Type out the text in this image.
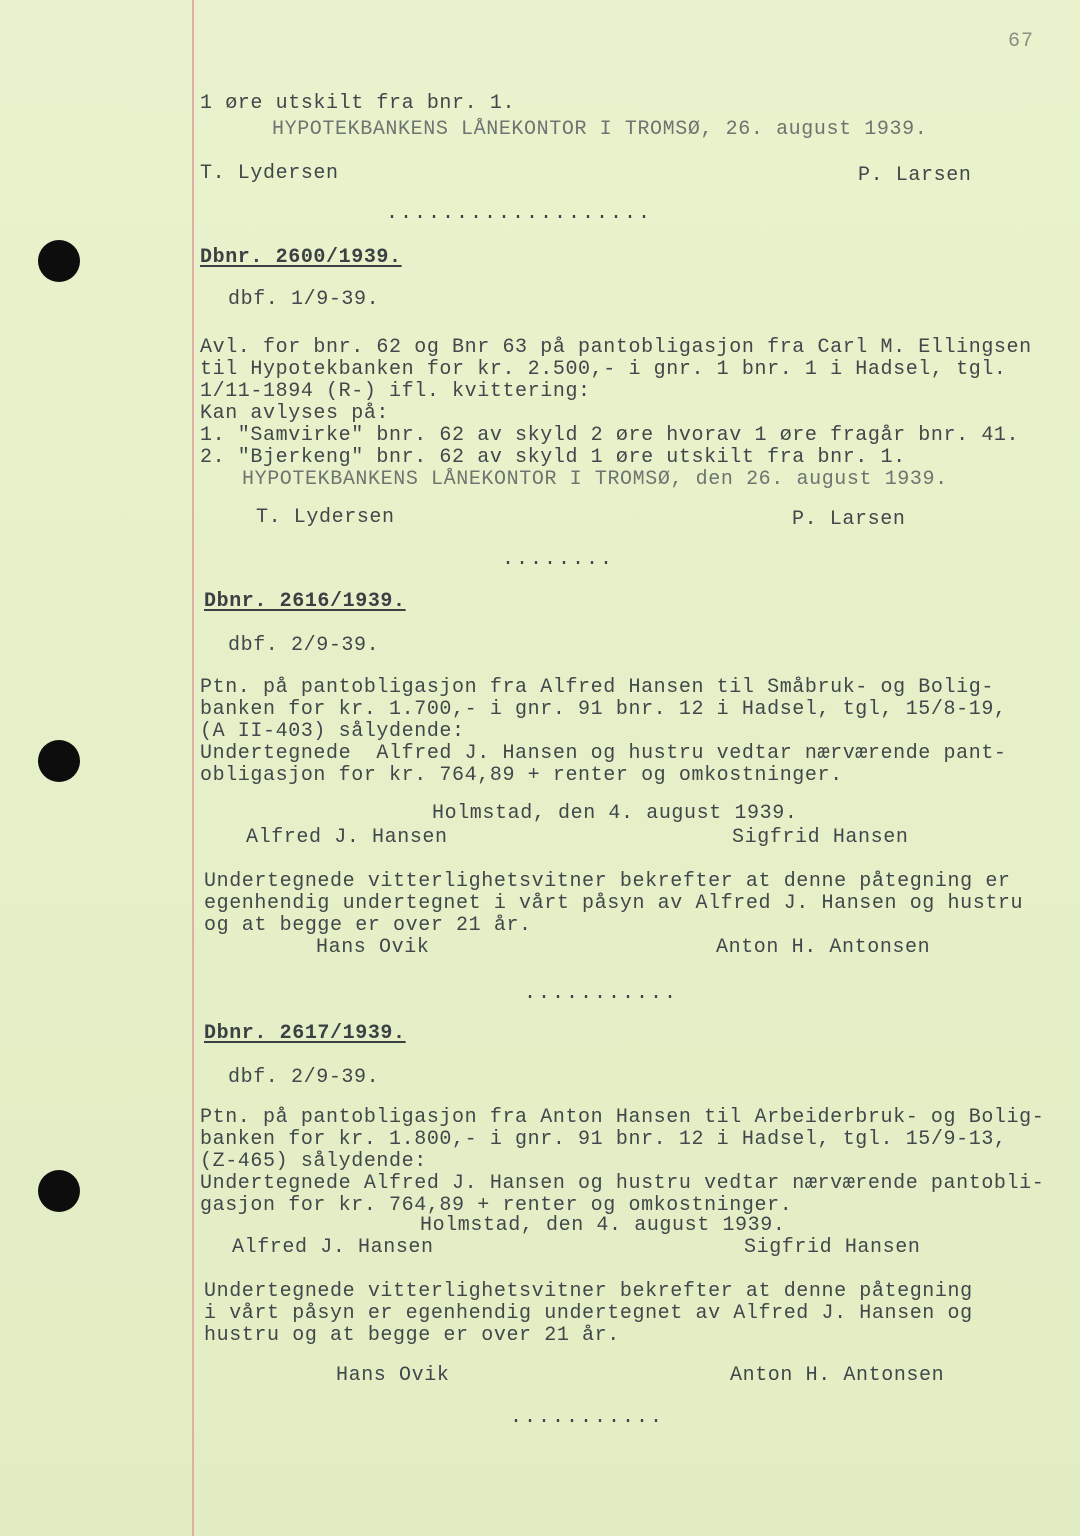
67
1 øre utskilt fra bnr. 1.
HYPOTEKBANKENS LÅNEKONTOR I TROMSØ, 26. august 1939.
T. Lydersen	P. Larsen
...................
Dbnr. 2600/1939.
dbf. 1/9-39.
Avl. for bnr. 62 og Bnr 63 på pantobligasjon fra Carl M. Ellingsen
til Hypotekbanken for kr. 2.500,- i gnr. 1 bnr. 1 i Hadsel, tgl.
1/11-1894 (R-) ifl. kvittering:
Kan avlyses på:
1. "Samvirke" bnr. 62 av skyld 2 øre hvorav 1 øre fragår bnr. 41.
2. "Bjerkeng" bnr. 62 av skyld 1 øre utskilt fra bnr. 1.
HYPOTEKBANKENS LÅNEKONTOR I TROMSØ, den 26. august 1939.
T. Lydersen	P. Larsen
........
Dbnr. 2616/1939.
dbf. 2/9-39.
Ptn. på pantobligasjon fra Alfred Hansen til Småbruk- og Bolig-
banken for kr. 1.700,- i gnr. 91 bnr. 12 i Hadsel, tgl, 15/8-19,
(A II-403) sålydende:
Undertegnede  Alfred J. Hansen og hustru vedtar nærværende pant-
obligasjon for kr. 764,89 + renter og omkostninger.
Holmstad, den 4. august 1939.
Alfred J. Hansen	Sigfrid Hansen
Undertegnede vitterlighetsvitner bekrefter at denne påtegning er
egenhendig undertegnet i vårt påsyn av Alfred J. Hansen og hustru
og at begge er over 21 år.
Hans Ovik	Anton H. Antonsen
...........
Dbnr. 2617/1939.
dbf. 2/9-39.
Ptn. på pantobligasjon fra Anton Hansen til Arbeiderbruk- og Bolig-
banken for kr. 1.800,- i gnr. 91 bnr. 12 i Hadsel, tgl. 15/9-13,
(Z-465) sålydende:
Undertegnede Alfred J. Hansen og hustru vedtar nærværende pantobli-
gasjon for kr. 764,89 + renter og omkostninger.
Holmstad, den 4. august 1939.
Alfred J. Hansen	Sigfrid Hansen
Undertegnede vitterlighetsvitner bekrefter at denne påtegning
i vårt påsyn er egenhendig undertegnet av Alfred J. Hansen og
hustru og at begge er over 21 år.
Hans Ovik	Anton H. Antonsen
...........
